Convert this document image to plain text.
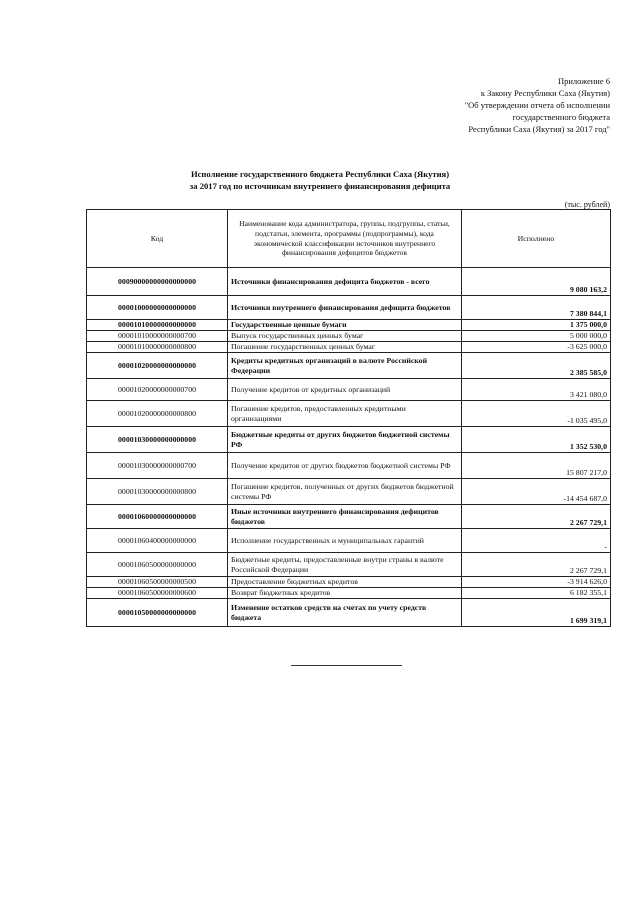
Приложение 6
к Закону Республики Саха (Якутия)
"Об утверждении отчета об исполнении
государственного бюджета
Республики Саха (Якутия) за 2017 год"
Исполнение государственного бюджета Республики Саха (Якутия)
за 2017 год по источникам внутреннего финансирования дефицита
(тыс. рублей)
Код	Наименование кода администратора, группы, подгруппы, статьи, подстатьи, элемента, программы (подпрограммы), кода экономической классификации источников внутреннего финансирования дефицитов бюджетов	Исполнено
00090000000000000000	Источники финансирования дефицита бюджетов - всего	9 080 163,2
00001000000000000000	Источники внутреннего финансирования дефицита бюджетов	7 380 844,1
00001010000000000000	Государственные ценные бумаги	1 375 000,0
00001010000000000700	Выпуск государственных ценных бумаг	5 000 000,0
00001010000000000800	Погашение государственных ценных бумаг	-3 625 000,0
00001020000000000000	Кредиты кредитных организаций в валюте Российской Федерации	2 385 585,0
00001020000000000700	Получение кредитов от кредитных организаций	3 421 080,0
00001020000000000800	Погашение кредитов, предоставленных кредитными организациями	-1 035 495,0
00001030000000000000	Бюджетные кредиты от других бюджетов бюджетной системы РФ	1 352 530,0
00001030000000000700	Получение кредитов от других бюджетов бюджетной системы РФ	15 807 217,0
00001030000000000800	Погашение кредитов, полученных от других бюджетов бюджетной системы РФ	-14 454 687,0
00001060000000000000	Иные источники внутреннего финансирования дефицитов бюджетов	2 267 729,1
00001060400000000000	Исполнение государственных и муниципальных гарантий	-
00001060500000000000	Бюджетные кредиты, предоставленные внутри страны в валюте Российской Федерации	2 267 729,1
00001060500000000500	Предоставление бюджетных кредитов	-3 914 626,0
00001060500000000600	Возврат бюджетных кредитов	6 182 355,1
00001050000000000000	Изменение остатков средств на счетах по учету средств бюджета	1 699 319,1
